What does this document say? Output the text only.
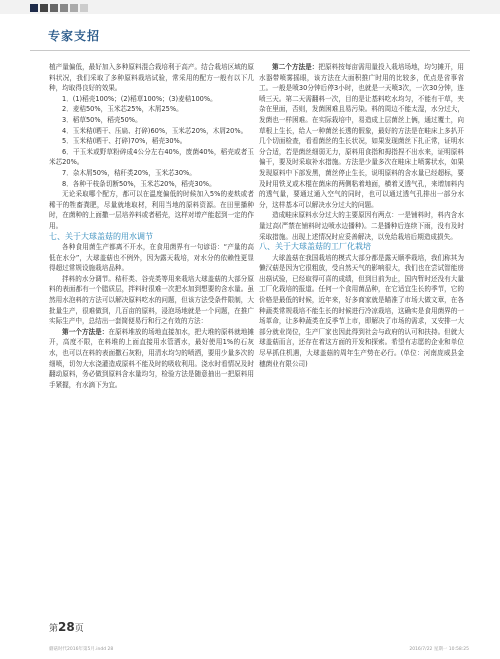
专家支招

植产量偏低，最好加入多种原料混合栽培利于高产。结合栽培区域的原料状况，我们采取了多种原料栽培试验，常采用的配方一般有以下几种，均取得良好的效果。

1．(1)稻壳100%；(2)稻草100%；(3)麦秸100%。

2．麦秸50%，玉米芯25%，木屑25%。

3．稻草50%，稻壳50%。

4．玉米秸(晒干、压扁、打碎)60%，玉米芯20%，木屑20%。

5．玉米秸(晒干、打碎)70%，稻壳30%。

6．干玉米或野草粉碎成4公分左右40%，废菌40%，稻壳或者玉米芯20%。

7．杂木屑50%，秸秆类20%，玉米芯30%。

8．各种干枝条切断50%，玉米芯20%，稻壳30%。

无论采取哪个配方，都可以在温度偏低的时候加入5%的麦麸或者稀干的牲畜粪肥，尽量就地取材，利用当地的原料资源。在田里播种时，在菌种的上面撒一层培养料或者稻壳，这样对增产能起到一定的作用。

七、关于大球盖菇的用水调节

各种食用菌生产都离不开水，在食用菌界有一句谚语：“产量的高低在水分”，大球盖菇也不例外，因为露天栽培，对水分的依赖性更显得超过常规设施栽培品种。

拌料的水分调节。秸秆类、谷壳类等用来栽培大球盖菇的大部分原料的表面都有一个腊质层，拌料时很难一次把水加到想要的含水量。虽然用水泡料的方法可以解决原料吃水的问题，但该方法受条件限制，大批量生产，很难做到，几百亩的原料，浸泡场地就是一个问题，在推广实际生产中，总结出一套简便易行和行之有效的方法：

第一个方法是：在原料堆放的场地直接加水，把大堆的原料就地摊开，高度不限，在料堆的上面直接用水管洒水，最好使用1%的石灰水，也可以在料的表面撒石灰粉，用清水均匀的喷洒，要用少量多次的细喷，切勿大水浇灌造成原料不能及时的吸收利用。浇水时看情况及时翻动原料，务必做到原料含水量均匀，检验方法是随意抽出一把原料用手紧握，有水滴下为宜。

第二个方法是：把原料按每亩需用量投入栽培场地，均匀摊开，用水器带喷雾摇眼，该方法在大面积推广时用的比较多，优点是省事省工。一般是喷30分钟后停3小时，也就是一天喷3次，一次30分钟，连喷三天。第二天需翻料一次，目的是让基料吃水均匀，不能有干草，夹杂在里面，否则，发菌困难且易污染。料的周边不能太湿，水分过大，发菌也一样困难。在实际栽培中，易造成上层菌丝上俩，通过覆土，向草根上生长，给人一种菌丝长透的假象，最好的方法是在畦床上多扒开几个切面检查，看看菌丝的生长状况，如果发现菌丝下扎正常，证明水分合适，若是菌丝细弱无力，原料用食指和拇指捏不出水来，证明原料偏干，要及时采取补水措施。方法是少量多次在畦床上喷雾状水，如果发现原料中下部发黑，菌丝停止生长，说明原料的含水量已经超标，要及时用铁叉或木棍在菌床的两侧粘着地面，横着叉透气孔，来增加料内的透气量，要通过通入空气的同时，也可以通过透气孔排出一部分水分，这样基本可以解决水分过大的问题。

造成畦床原料水分过大的主要原因有两点：一是铺料时，料内含水量过高(严禁在铺料时边喷水边播种)。二是播种后连续下雨，没有及时采取措施。出现上述情况时应妥善解决，以免给栽培后期造成损失。

八、关于大球盖菇的工厂化栽培

大球盖菇在我国栽培的模式大部分都是露天顺季栽培，我们称其为懒汉菇是因为它很粗放，受自然天气的影响很大，我们也在尝试智能房出菇试验，已经取得可喜的成绩，但到目前为止，国内暂时还没有大量工厂化栽培的报道。任何一个食用菌品种，在它适宜生长的季节，它的价格是最低的时候，近年来，好多商家就是瞄准了市场大做文章，在各种蔬类常规栽培不能生长的时候进行冷凉栽培，这确实是食用菌界的一场革命，让多种蔬类在反季节上市，即解决了市场的需求，又安排一大部分就业岗位，生产厂家也因此得到社会与政府的认可和扶持。但就大球盖菇而言，还存在着这方面的开发和探索。希望有志愿的企业和单位尽早抓住机遇，大球盖菇的周年生产势在必行。(单位：河南庞威县金穗菌业有限公司)

第28页
蘑菇时代2016年第5月.indd 28	2016/7/22 星期一 10:58:25
